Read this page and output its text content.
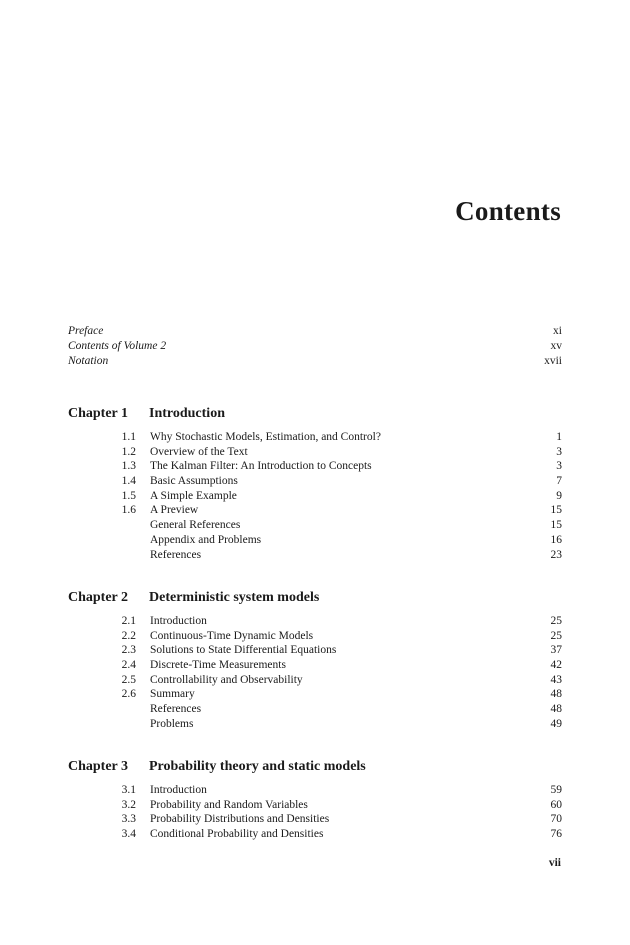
Contents
Preface	xi
Contents of Volume 2	xv
Notation	xvii
Chapter 1 Introduction
1.1 Why Stochastic Models, Estimation, and Control?	1
1.2 Overview of the Text	3
1.3 The Kalman Filter: An Introduction to Concepts	3
1.4 Basic Assumptions	7
1.5 A Simple Example	9
1.6 A Preview	15
General References	15
Appendix and Problems	16
References	23
Chapter 2 Deterministic system models
2.1 Introduction	25
2.2 Continuous-Time Dynamic Models	25
2.3 Solutions to State Differential Equations	37
2.4 Discrete-Time Measurements	42
2.5 Controllability and Observability	43
2.6 Summary	48
References	48
Problems	49
Chapter 3 Probability theory and static models
3.1 Introduction	59
3.2 Probability and Random Variables	60
3.3 Probability Distributions and Densities	70
3.4 Conditional Probability and Densities	76
vii
